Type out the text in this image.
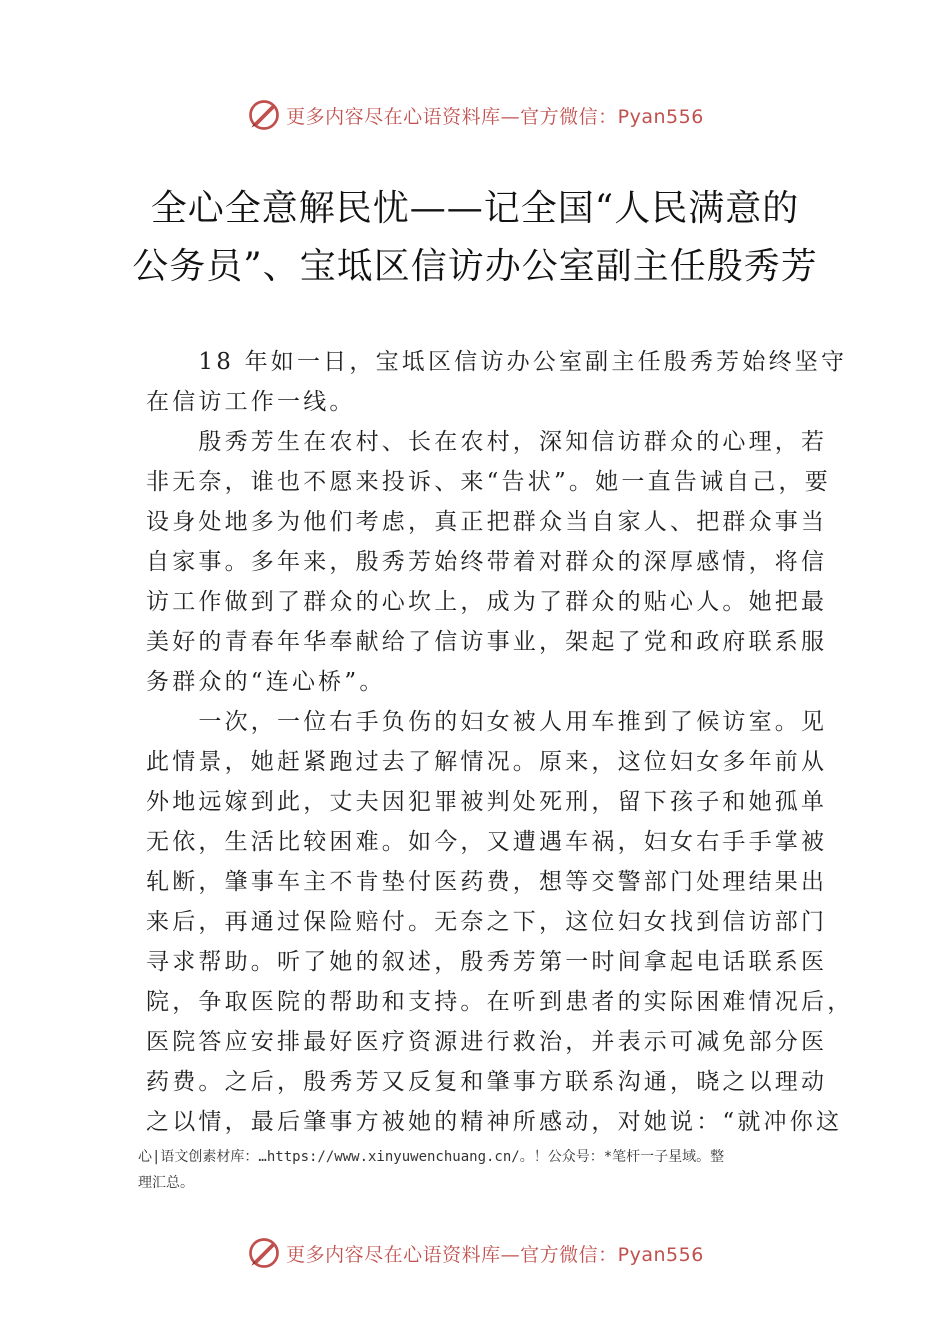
更多内容尽在心语资料库—官方微信：Pyan556
全心全意解民忧——记全国“人民满意的
公务员”、宝坻区信访办公室副主任殷秀芳
　　18 年如一日，宝坻区信访办公室副主任殷秀芳始终坚守
在信访工作一线。
　　殷秀芳生在农村、长在农村，深知信访群众的心理，若
非无奈，谁也不愿来投诉、来“告状”。她一直告诫自己，要
设身处地多为他们考虑，真正把群众当自家人、把群众事当
自家事。多年来，殷秀芳始终带着对群众的深厚感情，将信
访工作做到了群众的心坎上，成为了群众的贴心人。她把最
美好的青春年华奉献给了信访事业，架起了党和政府联系服
务群众的“连心桥”。
　　一次，一位右手负伤的妇女被人用车推到了候访室。见
此情景，她赶紧跑过去了解情况。原来，这位妇女多年前从
外地远嫁到此，丈夫因犯罪被判处死刑，留下孩子和她孤单
无依，生活比较困难。如今，又遭遇车祸，妇女右手手掌被
轧断，肇事车主不肯垫付医药费，想等交警部门处理结果出
来后，再通过保险赔付。无奈之下，这位妇女找到信访部门
寻求帮助。听了她的叙述，殷秀芳第一时间拿起电话联系医
院，争取医院的帮助和支持。在听到患者的实际困难情况后，
医院答应安排最好医疗资源进行救治，并表示可减免部分医
药费。之后，殷秀芳又反复和肇事方联系沟通，晓之以理动
之以情，最后肇事方被她的精神所感动，对她说：“就冲你这
心|语文创素材库：…https://www.xinyuwenchuang.cn/。！公众号：*笔杆一子星域。整
理汇总。
更多内容尽在心语资料库—官方微信：Pyan556
